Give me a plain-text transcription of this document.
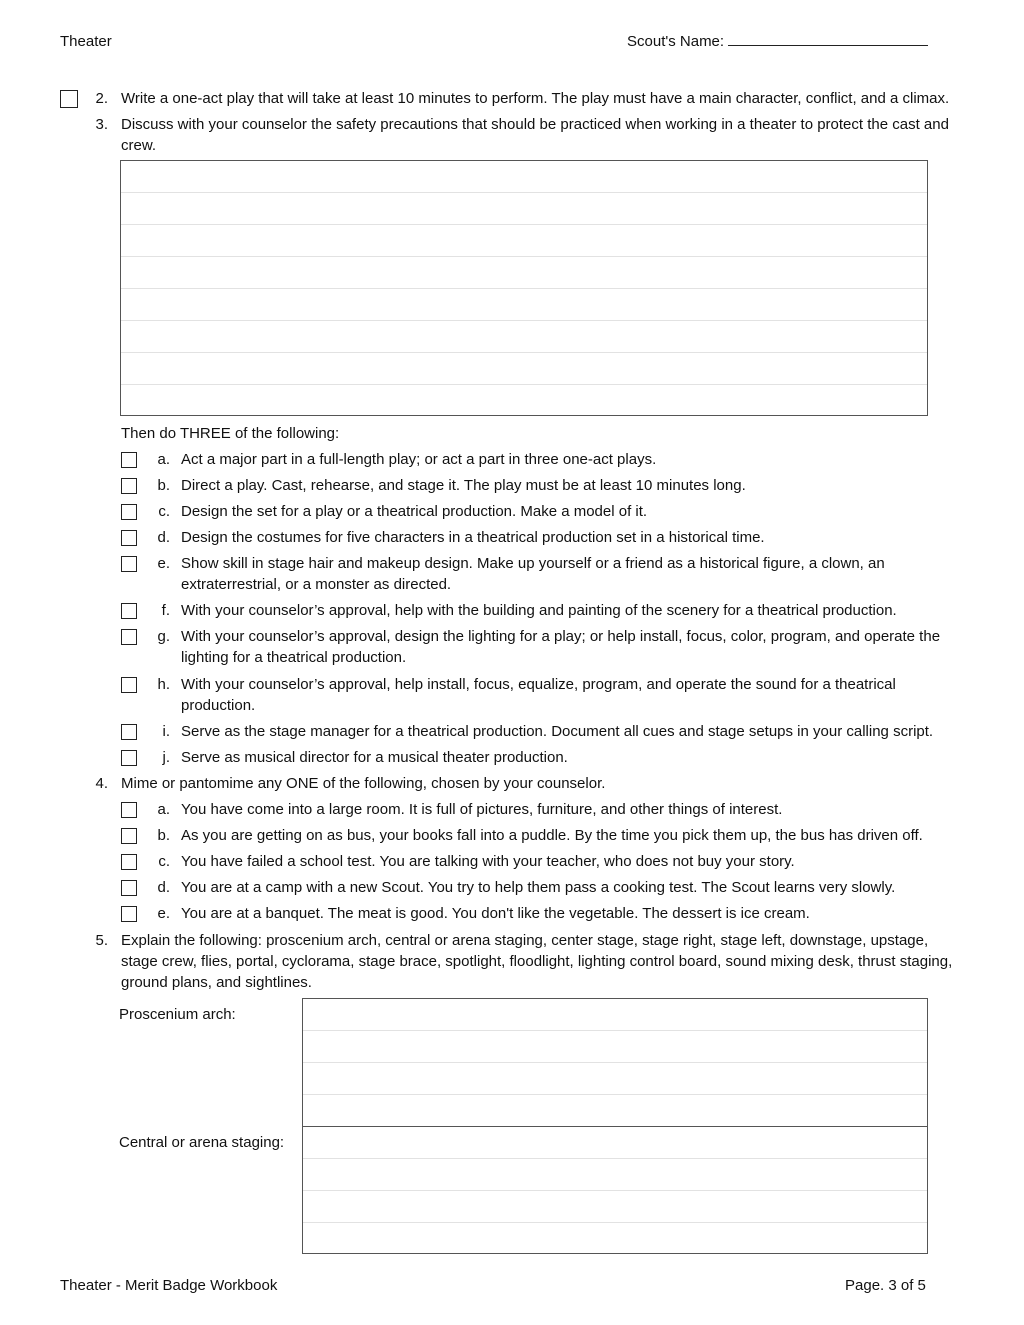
Theater	Scout's Name:
2. Write a one-act play that will take at least 10 minutes to perform. The play must have a main character, conflict, and a climax.
3. Discuss with your counselor the safety precautions that should be practiced when working in a theater to protect the cast and
crew.
Then do THREE of the following:
a. Act a major part in a full-length play; or act a part in three one-act plays.
b. Direct a play. Cast, rehearse, and stage it. The play must be at least 10 minutes long.
c. Design the set for a play or a theatrical production. Make a model of it.
d. Design the costumes for five characters in a theatrical production set in a historical time.
e. Show skill in stage hair and makeup design. Make up yourself or a friend as a historical figure, a clown, an
extraterrestrial, or a monster as directed.
f. With your counselor’s approval, help with the building and painting of the scenery for a theatrical production.
g. With your counselor’s approval, design the lighting for a play; or help install, focus, color, program, and operate the
lighting for a theatrical production.
h. With your counselor’s approval, help install, focus, equalize, program, and operate the sound for a theatrical
production.
i. Serve as the stage manager for a theatrical production. Document all cues and stage setups in your calling script.
j. Serve as musical director for a musical theater production.
4. Mime or pantomime any ONE of the following, chosen by your counselor.
a. You have come into a large room. It is full of pictures, furniture, and other things of interest.
b. As you are getting on as bus, your books fall into a puddle. By the time you pick them up, the bus has driven off.
c. You have failed a school test. You are talking with your teacher, who does not buy your story.
d. You are at a camp with a new Scout. You try to help them pass a cooking test. The Scout learns very slowly.
e. You are at a banquet. The meat is good. You don't like the vegetable. The dessert is ice cream.
5. Explain the following: proscenium arch, central or arena staging, center stage, stage right, stage left, downstage, upstage,
stage crew, flies, portal, cyclorama, stage brace, spotlight, floodlight, lighting control board, sound mixing desk, thrust staging,
ground plans, and sightlines.
Proscenium arch:
Central or arena staging:
Theater - Merit Badge Workbook	Page. 3 of 5
